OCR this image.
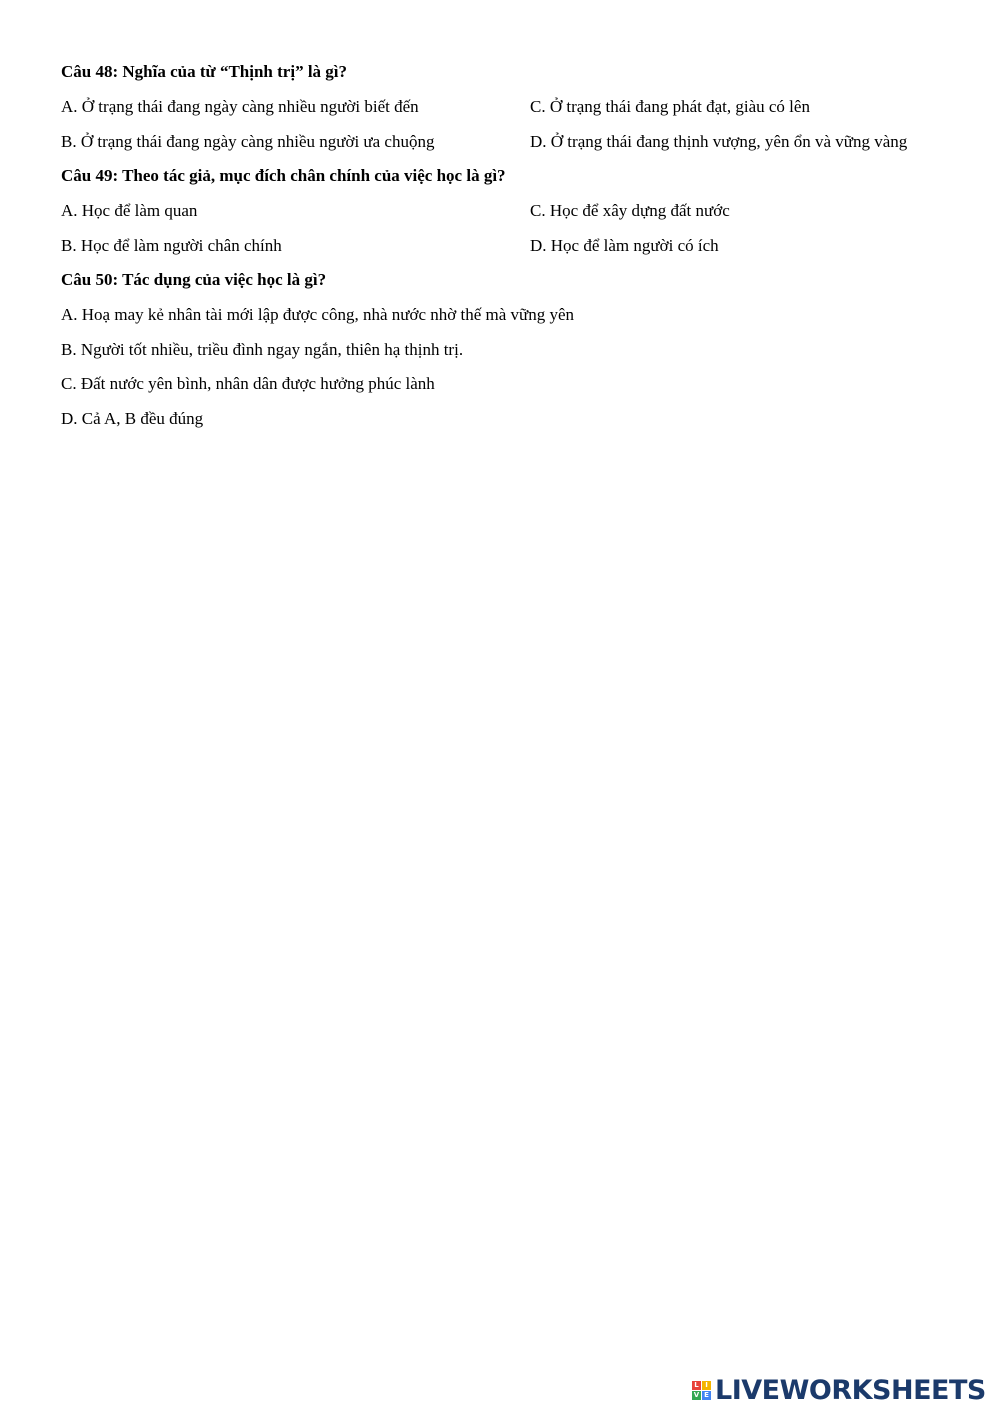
Câu 48: Nghĩa của từ “Thịnh trị” là gì?
A. Ở trạng thái đang ngày càng nhiều người biết đến	C. Ở trạng thái đang phát đạt, giàu có lên
B. Ở trạng thái đang ngày càng nhiều người ưa chuộng	D. Ở trạng thái đang thịnh vượng, yên ổn và vững vàng
Câu 49: Theo tác giả, mục đích chân chính của việc học là gì?
A. Học để làm quan	C. Học để xây dựng đất nước
B. Học để làm người chân chính	D. Học để làm người có ích
Câu 50: Tác dụng của việc học là gì?
A. Hoạ may kẻ nhân tài mới lập được công, nhà nước nhờ thế mà vững yên
B. Người tốt nhiều, triều đình ngay ngắn, thiên hạ thịnh trị.
C. Đất nước yên bình, nhân dân được hưởng phúc lành
D. Cả A, B đều đúng
L I
V E LIVEWORKSHEETS
